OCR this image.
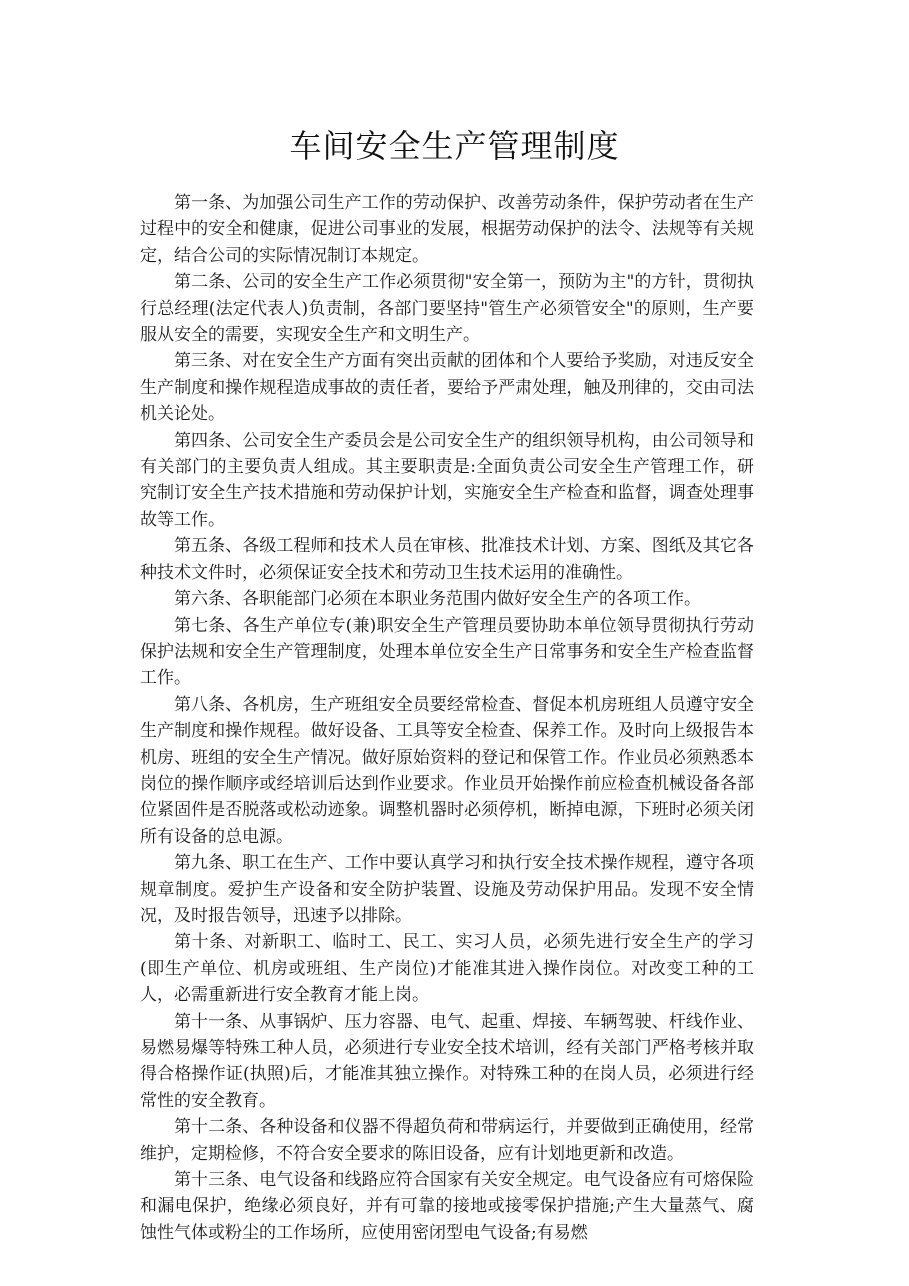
车间安全生产管理制度

第一条、为加强公司生产工作的劳动保护、改善劳动条件，保护劳动者在生产过程中的安全和健康，促进公司事业的发展，根据劳动保护的法令、法规等有关规定，结合公司的实际情况制订本规定。

第二条、公司的安全生产工作必须贯彻"安全第一，预防为主"的方针，贯彻执行总经理(法定代表人)负责制，各部门要坚持"管生产必须管安全"的原则，生产要服从安全的需要，实现安全生产和文明生产。

第三条、对在安全生产方面有突出贡献的团体和个人要给予奖励，对违反安全生产制度和操作规程造成事故的责任者，要给予严肃处理，触及刑律的，交由司法机关论处。

第四条、公司安全生产委员会是公司安全生产的组织领导机构，由公司领导和有关部门的主要负责人组成。其主要职责是:全面负责公司安全生产管理工作，研究制订安全生产技术措施和劳动保护计划，实施安全生产检查和监督，调查处理事故等工作。

第五条、各级工程师和技术人员在审核、批准技术计划、方案、图纸及其它各种技术文件时，必须保证安全技术和劳动卫生技术运用的准确性。

第六条、各职能部门必须在本职业务范围内做好安全生产的各项工作。

第七条、各生产单位专(兼)职安全生产管理员要协助本单位领导贯彻执行劳动保护法规和安全生产管理制度，处理本单位安全生产日常事务和安全生产检查监督工作。

第八条、各机房，生产班组安全员要经常检查、督促本机房班组人员遵守安全生产制度和操作规程。做好设备、工具等安全检查、保养工作。及时向上级报告本机房、班组的安全生产情况。做好原始资料的登记和保管工作。作业员必须熟悉本岗位的操作顺序或经培训后达到作业要求。作业员开始操作前应检查机械设备各部位紧固件是否脱落或松动迹象。调整机器时必须停机，断掉电源，下班时必须关闭所有设备的总电源。

第九条、职工在生产、工作中要认真学习和执行安全技术操作规程，遵守各项规章制度。爱护生产设备和安全防护装置、设施及劳动保护用品。发现不安全情况，及时报告领导，迅速予以排除。

第十条、对新职工、临时工、民工、实习人员，必须先进行安全生产的学习(即生产单位、机房或班组、生产岗位)才能准其进入操作岗位。对改变工种的工人，必需重新进行安全教育才能上岗。

第十一条、从事锅炉、压力容器、电气、起重、焊接、车辆驾驶、杆线作业、易燃易爆等特殊工种人员，必须进行专业安全技术培训，经有关部门严格考核并取得合格操作证(执照)后，才能准其独立操作。对特殊工种的在岗人员，必须进行经常性的安全教育。

第十二条、各种设备和仪器不得超负荷和带病运行，并要做到正确使用，经常维护，定期检修，不符合安全要求的陈旧设备，应有计划地更新和改造。

第十三条、电气设备和线路应符合国家有关安全规定。电气设备应有可熔保险和漏电保护，绝缘必须良好，并有可靠的接地或接零保护措施;产生大量蒸气、腐蚀性气体或粉尘的工作场所，应使用密闭型电气设备;有易燃
